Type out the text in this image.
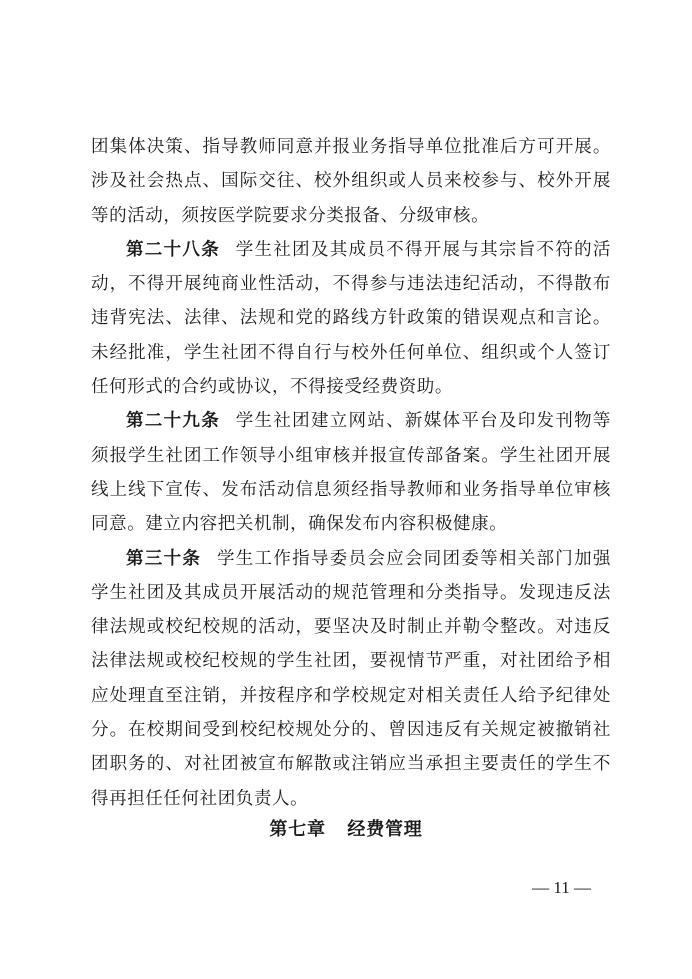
团集体决策、指导教师同意并报业务指导单位批准后方可开展。涉及社会热点、国际交往、校外组织或人员来校参与、校外开展等的活动，须按医学院要求分类报备、分级审核。

第二十八条 学生社团及其成员不得开展与其宗旨不符的活动，不得开展纯商业性活动，不得参与违法违纪活动，不得散布违背宪法、法律、法规和党的路线方针政策的错误观点和言论。未经批准，学生社团不得自行与校外任何单位、组织或个人签订任何形式的合约或协议，不得接受经费资助。

第二十九条 学生社团建立网站、新媒体平台及印发刊物等须报学生社团工作领导小组审核并报宣传部备案。学生社团开展线上线下宣传、发布活动信息须经指导教师和业务指导单位审核同意。建立内容把关机制，确保发布内容积极健康。

第三十条 学生工作指导委员会应会同团委等相关部门加强学生社团及其成员开展活动的规范管理和分类指导。发现违反法律法规或校纪校规的活动，要坚决及时制止并勒令整改。对违反法律法规或校纪校规的学生社团，要视情节严重，对社团给予相应处理直至注销，并按程序和学校规定对相关责任人给予纪律处分。在校期间受到校纪校规处分的、曾因违反有关规定被撤销社团职务的、对社团被宣布解散或注销应当承担主要责任的学生不得再担任任何社团负责人。

第七章 经费管理
— 11 —
